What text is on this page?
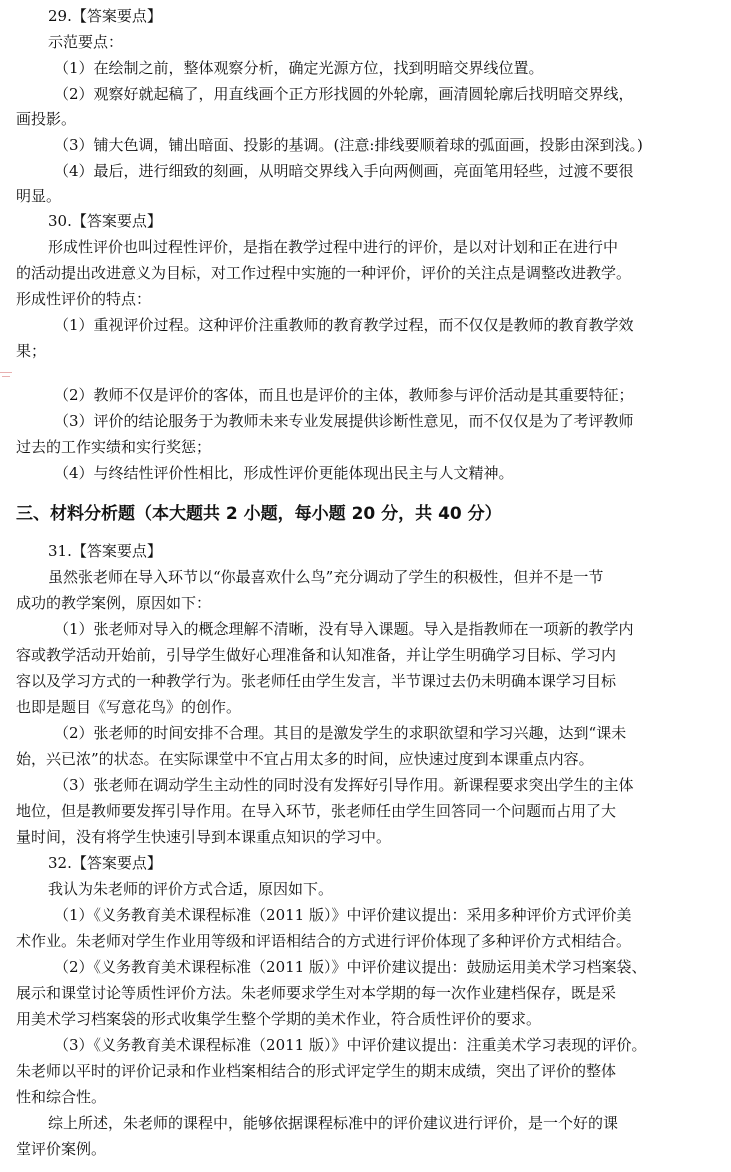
29.【答案要点】
示范要点：
（1）在绘制之前，整体观察分析，确定光源方位，找到明暗交界线位置。
（2）观察好就起稿了，用直线画个正方形找圆的外轮廓，画清圆轮廓后找明暗交界线，
画投影。
（3）铺大色调，铺出暗面、投影的基调。(注意:排线要顺着球的弧面画，投影由深到浅。)
（4）最后，进行细致的刻画，从明暗交界线入手向两侧画，亮面笔用轻些，过渡不要很
明显。
30.【答案要点】
形成性评价也叫过程性评价，是指在教学过程中进行的评价，是以对计划和正在进行中
的活动提出改进意义为目标，对工作过程中实施的一种评价，评价的关注点是调整改进教学。
形成性评价的特点：
（1）重视评价过程。这种评价注重教师的教育教学过程，而不仅仅是教师的教育教学效
果；
（2）教师不仅是评价的客体，而且也是评价的主体，教师参与评价活动是其重要特征；
（3）评价的结论服务于为教师未来专业发展提供诊断性意见，而不仅仅是为了考评教师
过去的工作实绩和实行奖惩；
（4）与终结性评价性相比，形成性评价更能体现出民主与人文精神。
三、材料分析题（本大题共 2 小题，每小题 20 分，共 40 分）
31.【答案要点】
虽然张老师在导入环节以“你最喜欢什么鸟”充分调动了学生的积极性，但并不是一节
成功的教学案例，原因如下：
（1）张老师对导入的概念理解不清晰，没有导入课题。导入是指教师在一项新的教学内
容或教学活动开始前，引导学生做好心理准备和认知准备，并让学生明确学习目标、学习内
容以及学习方式的一种教学行为。张老师任由学生发言，半节课过去仍未明确本课学习目标
也即是题目《写意花鸟》的创作。
（2）张老师的时间安排不合理。其目的是激发学生的求职欲望和学习兴趣，达到“课未
始，兴已浓”的状态。在实际课堂中不宜占用太多的时间，应快速过度到本课重点内容。
（3）张老师在调动学生主动性的同时没有发挥好引导作用。新课程要求突出学生的主体
地位，但是教师要发挥引导作用。在导入环节，张老师任由学生回答同一个问题而占用了大
量时间，没有将学生快速引导到本课重点知识的学习中。
32.【答案要点】
我认为朱老师的评价方式合适，原因如下。
（1）《义务教育美术课程标准（2011 版）》中评价建议提出：采用多种评价方式评价美
术作业。朱老师对学生作业用等级和评语相结合的方式进行评价体现了多种评价方式相结合。
（2）《义务教育美术课程标准（2011 版）》中评价建议提出：鼓励运用美术学习档案袋、
展示和课堂讨论等质性评价方法。朱老师要求学生对本学期的每一次作业建档保存，既是采
用美术学习档案袋的形式收集学生整个学期的美术作业，符合质性评价的要求。
（3）《义务教育美术课程标准（2011 版）》中评价建议提出：注重美术学习表现的评价。
朱老师以平时的评价记录和作业档案相结合的形式评定学生的期末成绩，突出了评价的整体
性和综合性。
综上所述，朱老师的课程中，能够依据课程标准中的评价建议进行评价，是一个好的课
堂评价案例。
